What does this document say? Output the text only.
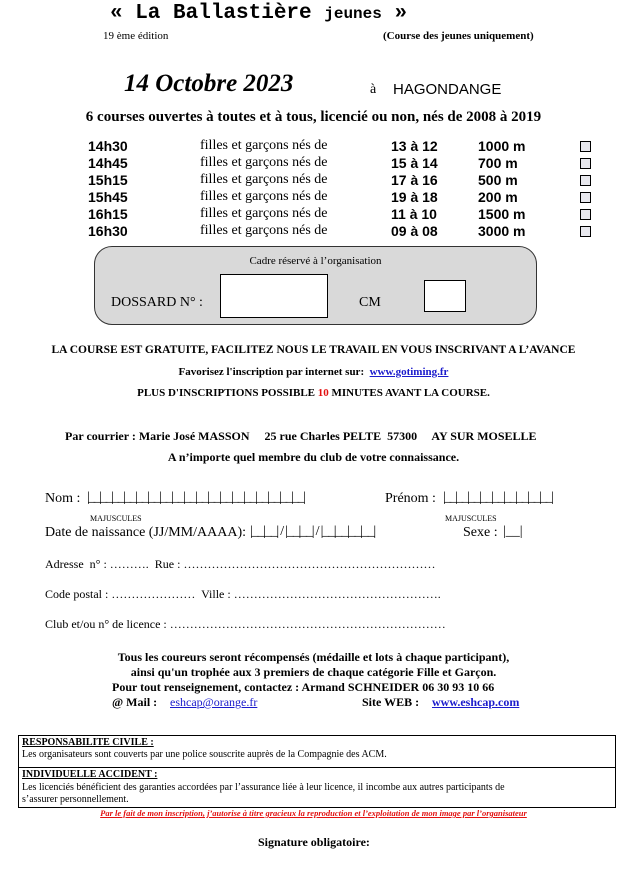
« La Ballastière jeunes »
19 ème édition	(Course des jeunes uniquement)
14 Octobre 2023	à HAGONDANGE
6 courses ouvertes à toutes et à tous, licencié ou non, nés de 2008 à 2019
14h30	filles et garçons nés de	13 à 12	1000 m
14h45	filles et garçons nés de	15 à 14	700 m
15h15	filles et garçons nés de	17 à 16	500 m
15h45	filles et garçons nés de	19 à 18	200 m
16h15	filles et garçons nés de	11 à 10	1500 m
16h30	filles et garçons nés de	09 à 08	3000 m
Cadre réservé à l’organisation
DOSSARD N° :	CM
LA COURSE EST GRATUITE, FACILITEZ NOUS LE TRAVAIL EN VOUS INSCRIVANT A L’AVANCE
Favorisez l'inscription par internet sur: www.gotiming.fr
PLUS D'INSCRIPTIONS POSSIBLE 10 MINUTES AVANT LA COURSE.
Par courrier : Marie José MASSON     25 rue Charles PELTE  57300     AY SUR MOSELLE
A n’importe quel membre du club de votre connaissance.
Nom : |__|__|__|__|__|__|__|__|__|__|__|__|__|__|__|__|__|__|	Prénom : |__|__|__|__|__|__|__|__|__|
MAJUSCULES	MAJUSCULES
Date de naissance (JJ/MM/AAAA): |__|__| / |__|__| / |__|__|__|__|	Sexe : |__|
Adresse  n° : ……….  Rue : ………………………………………………………
Code postal : …………………  Ville : …………………………………………….
Club et/ou n° de licence : ……………………………………………………………
Tous les coureurs seront récompensés (médaille et lots à chaque participant),
ainsi qu'un trophée aux 3 premiers de chaque catégorie Fille et Garçon.
Pour tout renseignement, contactez : Armand SCHNEIDER 06 30 93 10 66
@ Mail : eshcap@orange.fr	Site WEB : www.eshcap.com
RESPONSABILITE CIVILE :
Les organisateurs sont couverts par une police souscrite auprès de la Compagnie des ACM.
INDIVIDUELLE ACCIDENT :
Les licenciés bénéficient des garanties accordées par l’assurance liée à leur licence, il incombe aux autres participants de
s’assurer personnellement.
Par le fait de mon inscription, j’autorise à titre gracieux la reproduction et l’exploitation de mon image par l’organisateur
Signature obligatoire:
